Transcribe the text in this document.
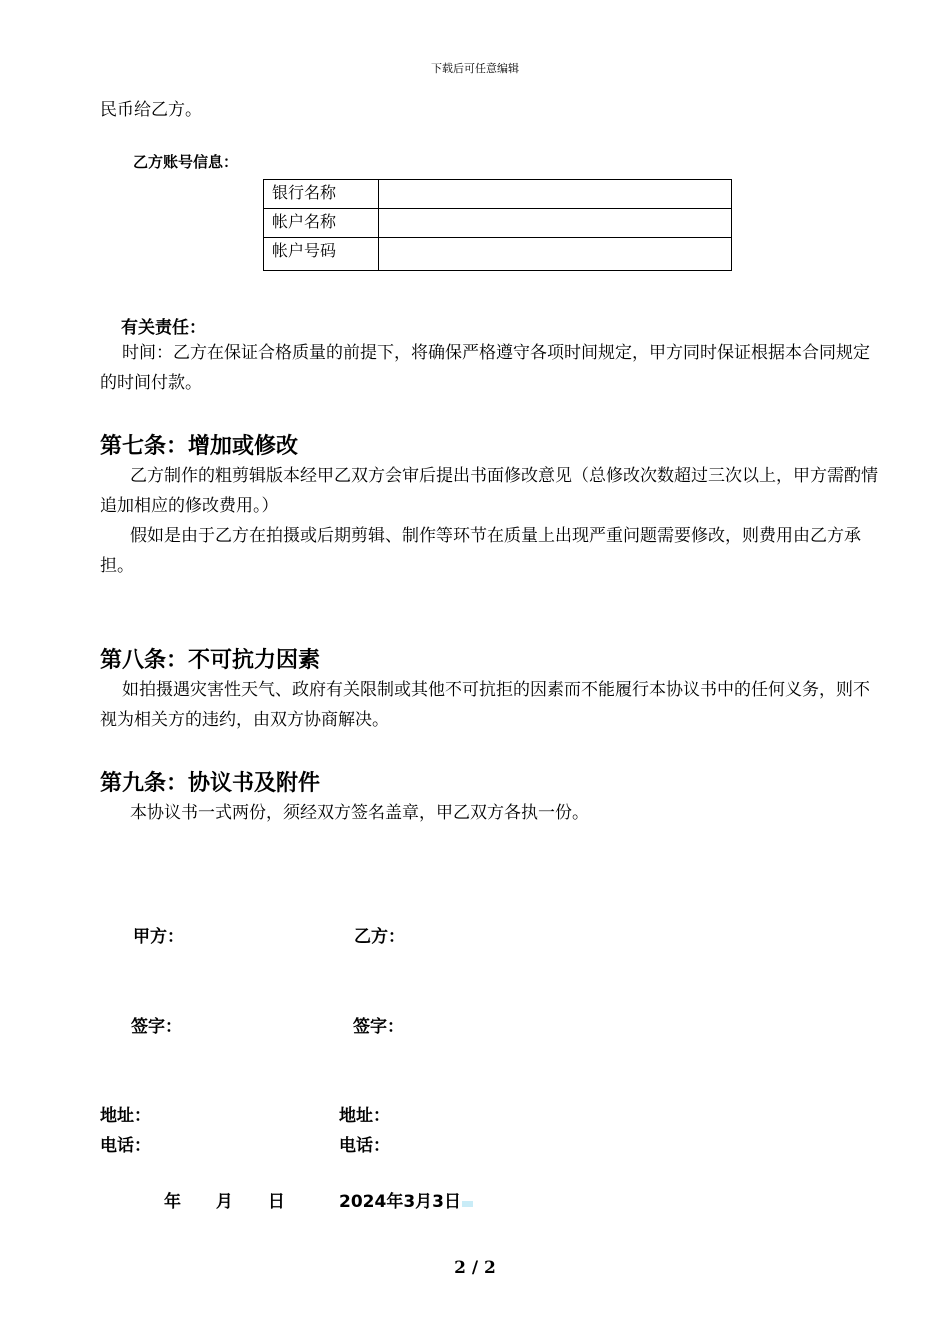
下载后可任意编辑
民币给乙方。
乙方账号信息：
银行名称	
帐户名称	
帐户号码	
有关责任：
时间：乙方在保证合格质量的前提下，将确保严格遵守各项时间规定，甲方同时保证根据本合同规定的时间付款。
第七条：增加或修改
乙方制作的粗剪辑版本经甲乙双方会审后提出书面修改意见（总修改次数超过三次以上，甲方需酌情追加相应的修改费用。）
假如是由于乙方在拍摄或后期剪辑、制作等环节在质量上出现严重问题需要修改，则费用由乙方承担。
第八条：不可抗力因素
如拍摄遇灾害性天气、政府有关限制或其他不可抗拒的因素而不能履行本协议书中的任何义务，则不视为相关方的违约，由双方协商解决。
第九条：协议书及附件
本协议书一式两份，须经双方签名盖章，甲乙双方各执一份。
甲方：	乙方：
签字：	签字：
地址：	地址：
电话：	电话：
年　 月　 日	2024年3月3日
2 / 2
